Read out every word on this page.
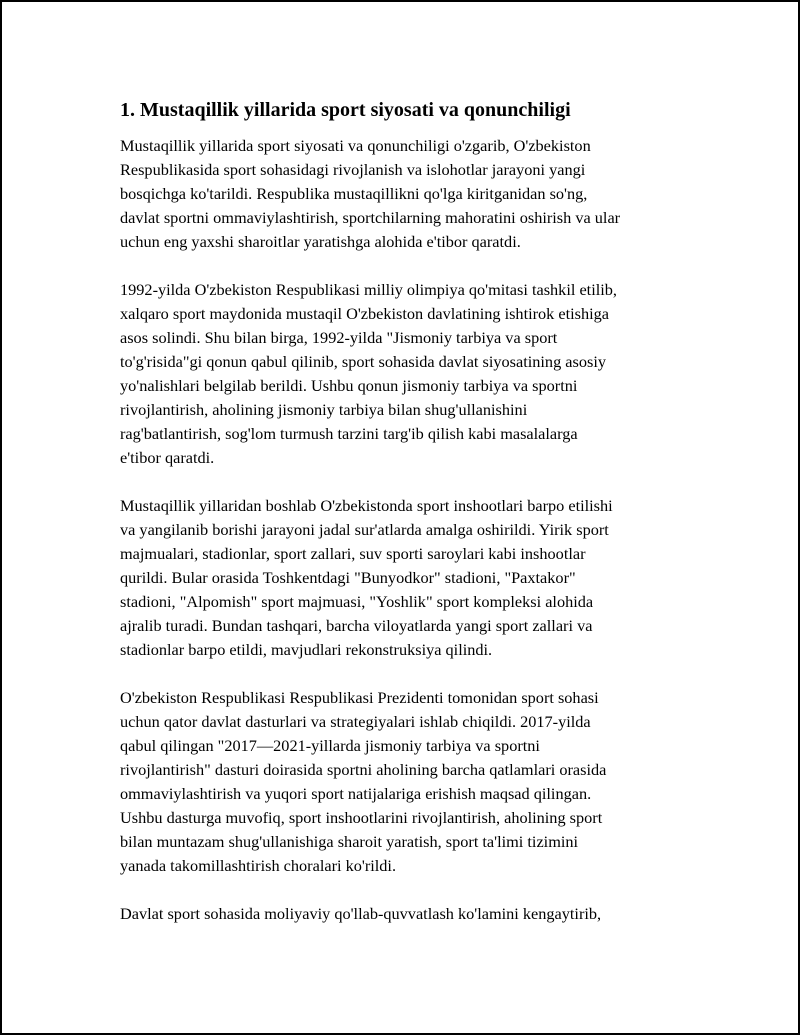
1. Mustaqillik yillarida sport siyosati va qonunchiligi

Mustaqillik yillarida sport siyosati va qonunchiligi o'zgarib, O'zbekiston
Respublikasida sport sohasidagi rivojlanish va islohotlar jarayoni yangi
bosqichga ko'tarildi. Respublika mustaqillikni qo'lga kiritganidan so'ng,
davlat sportni ommaviylashtirish, sportchilarning mahoratini oshirish va ular
uchun eng yaxshi sharoitlar yaratishga alohida e'tibor qaratdi.

1992-yilda O'zbekiston Respublikasi milliy olimpiya qo'mitasi tashkil etilib,
xalqaro sport maydonida mustaqil O'zbekiston davlatining ishtirok etishiga
asos solindi. Shu bilan birga, 1992-yilda "Jismoniy tarbiya va sport
to'g'risida"gi qonun qabul qilinib, sport sohasida davlat siyosatining asosiy
yo'nalishlari belgilab berildi. Ushbu qonun jismoniy tarbiya va sportni
rivojlantirish, aholining jismoniy tarbiya bilan shug'ullanishini
rag'batlantirish, sog'lom turmush tarzini targ'ib qilish kabi masalalarga
e'tibor qaratdi.

Mustaqillik yillaridan boshlab O'zbekistonda sport inshootlari barpo etilishi
va yangilanib borishi jarayoni jadal sur'atlarda amalga oshirildi. Yirik sport
majmualari, stadionlar, sport zallari, suv sporti saroylari kabi inshootlar
qurildi. Bular orasida Toshkentdagi "Bunyodkor" stadioni, "Paxtakor"
stadioni, "Alpomish" sport majmuasi, "Yoshlik" sport kompleksi alohida
ajralib turadi. Bundan tashqari, barcha viloyatlarda yangi sport zallari va
stadionlar barpo etildi, mavjudlari rekonstruksiya qilindi.

O'zbekiston Respublikasi Respublikasi Prezidenti tomonidan sport sohasi
uchun qator davlat dasturlari va strategiyalari ishlab chiqildi. 2017-yilda
qabul qilingan "2017—2021-yillarda jismoniy tarbiya va sportni
rivojlantirish" dasturi doirasida sportni aholining barcha qatlamlari orasida
ommaviylashtirish va yuqori sport natijalariga erishish maqsad qilingan.
Ushbu dasturga muvofiq, sport inshootlarini rivojlantirish, aholining sport
bilan muntazam shug'ullanishiga sharoit yaratish, sport ta'limi tizimini
yanada takomillashtirish choralari ko'rildi.

Davlat sport sohasida moliyaviy qo'llab-quvvatlash ko'lamini kengaytirib,
